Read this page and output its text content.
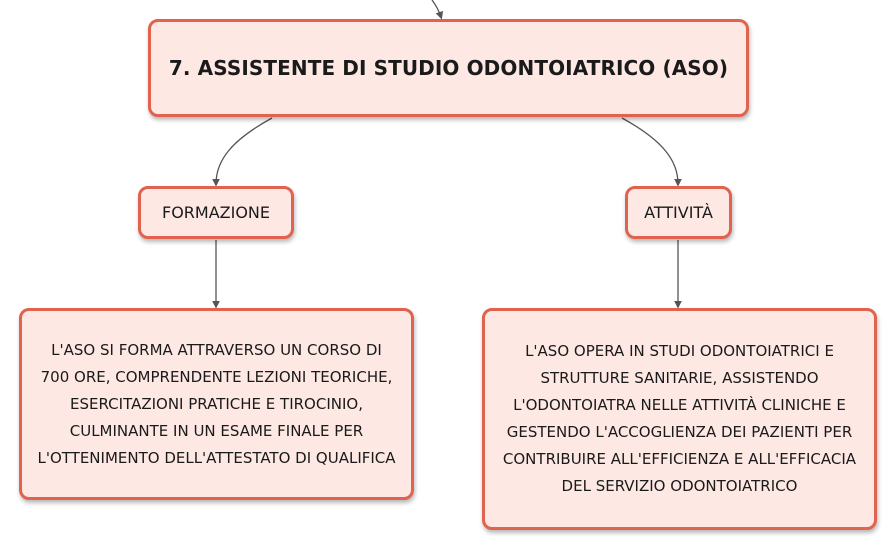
7. ASSISTENTE DI STUDIO ODONTOIATRICO (ASO)
FORMAZIONE	ATTIVITÀ
L'ASO SI FORMA ATTRAVERSO UN CORSO DI 700 ORE, COMPRENDENTE LEZIONI TEORICHE, ESERCITAZIONI PRATICHE E TIROCINIO, CULMINANTE IN UN ESAME FINALE PER L'OTTENIMENTO DELL'ATTESTATO DI QUALIFICA
L'ASO OPERA IN STUDI ODONTOIATRICI E STRUTTURE SANITARIE, ASSISTENDO L'ODONTOIATRA NELLE ATTIVITÀ CLINICHE E GESTENDO L'ACCOGLIENZA DEI PAZIENTI PER CONTRIBUIRE ALL'EFFICIENZA E ALL'EFFICACIA DEL SERVIZIO ODONTOIATRICO
